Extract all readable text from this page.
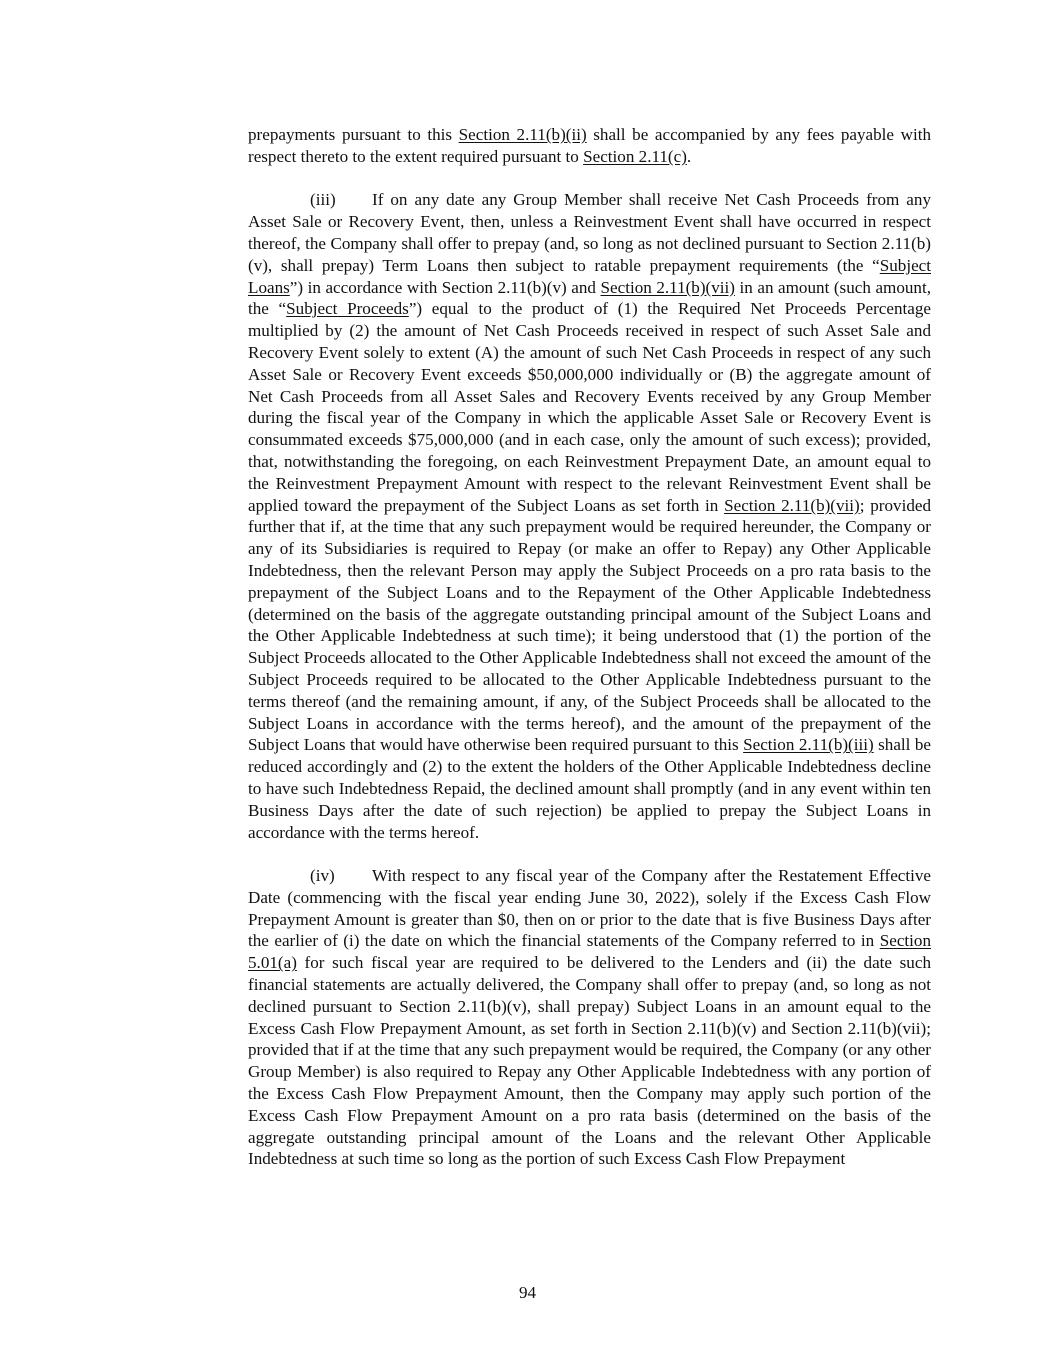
prepayments pursuant to this Section 2.11(b)(ii) shall be accompanied by any fees payable with respect thereto to the extent required pursuant to Section 2.11(c).

(iii) If on any date any Group Member shall receive Net Cash Proceeds from any Asset Sale or Recovery Event, then, unless a Reinvestment Event shall have occurred in respect thereof, the Company shall offer to prepay (and, so long as not declined pursuant to Section 2.11(b)(v), shall prepay) Term Loans then subject to ratable prepayment requirements (the “Subject Loans”) in accordance with Section 2.11(b)(v) and Section 2.11(b)(vii) in an amount (such amount, the “Subject Proceeds”) equal to the product of (1) the Required Net Proceeds Percentage multiplied by (2) the amount of Net Cash Proceeds received in respect of such Asset Sale and Recovery Event solely to extent (A) the amount of such Net Cash Proceeds in respect of any such Asset Sale or Recovery Event exceeds $50,000,000 individually or (B) the aggregate amount of Net Cash Proceeds from all Asset Sales and Recovery Events received by any Group Member during the fiscal year of the Company in which the applicable Asset Sale or Recovery Event is consummated exceeds $75,000,000 (and in each case, only the amount of such excess); provided, that, notwithstanding the foregoing, on each Reinvestment Prepayment Date, an amount equal to the Reinvestment Prepayment Amount with respect to the relevant Reinvestment Event shall be applied toward the prepayment of the Subject Loans as set forth in Section 2.11(b)(vii); provided further that if, at the time that any such prepayment would be required hereunder, the Company or any of its Subsidiaries is required to Repay (or make an offer to Repay) any Other Applicable Indebtedness, then the relevant Person may apply the Subject Proceeds on a pro rata basis to the prepayment of the Subject Loans and to the Repayment of the Other Applicable Indebtedness (determined on the basis of the aggregate outstanding principal amount of the Subject Loans and the Other Applicable Indebtedness at such time); it being understood that (1) the portion of the Subject Proceeds allocated to the Other Applicable Indebtedness shall not exceed the amount of the Subject Proceeds required to be allocated to the Other Applicable Indebtedness pursuant to the terms thereof (and the remaining amount, if any, of the Subject Proceeds shall be allocated to the Subject Loans in accordance with the terms hereof), and the amount of the prepayment of the Subject Loans that would have otherwise been required pursuant to this Section 2.11(b)(iii) shall be reduced accordingly and (2) to the extent the holders of the Other Applicable Indebtedness decline to have such Indebtedness Repaid, the declined amount shall promptly (and in any event within ten Business Days after the date of such rejection) be applied to prepay the Subject Loans in accordance with the terms hereof.

(iv) With respect to any fiscal year of the Company after the Restatement Effective Date (commencing with the fiscal year ending June 30, 2022), solely if the Excess Cash Flow Prepayment Amount is greater than $0, then on or prior to the date that is five Business Days after the earlier of (i) the date on which the financial statements of the Company referred to in Section 5.01(a) for such fiscal year are required to be delivered to the Lenders and (ii) the date such financial statements are actually delivered, the Company shall offer to prepay (and, so long as not declined pursuant to Section 2.11(b)(v), shall prepay) Subject Loans in an amount equal to the Excess Cash Flow Prepayment Amount, as set forth in Section 2.11(b)(v) and Section 2.11(b)(vii); provided that if at the time that any such prepayment would be required, the Company (or any other Group Member) is also required to Repay any Other Applicable Indebtedness with any portion of the Excess Cash Flow Prepayment Amount, then the Company may apply such portion of the Excess Cash Flow Prepayment Amount on a pro rata basis (determined on the basis of the aggregate outstanding principal amount of the Loans and the relevant Other Applicable Indebtedness at such time so long as the portion of such Excess Cash Flow Prepayment

94
